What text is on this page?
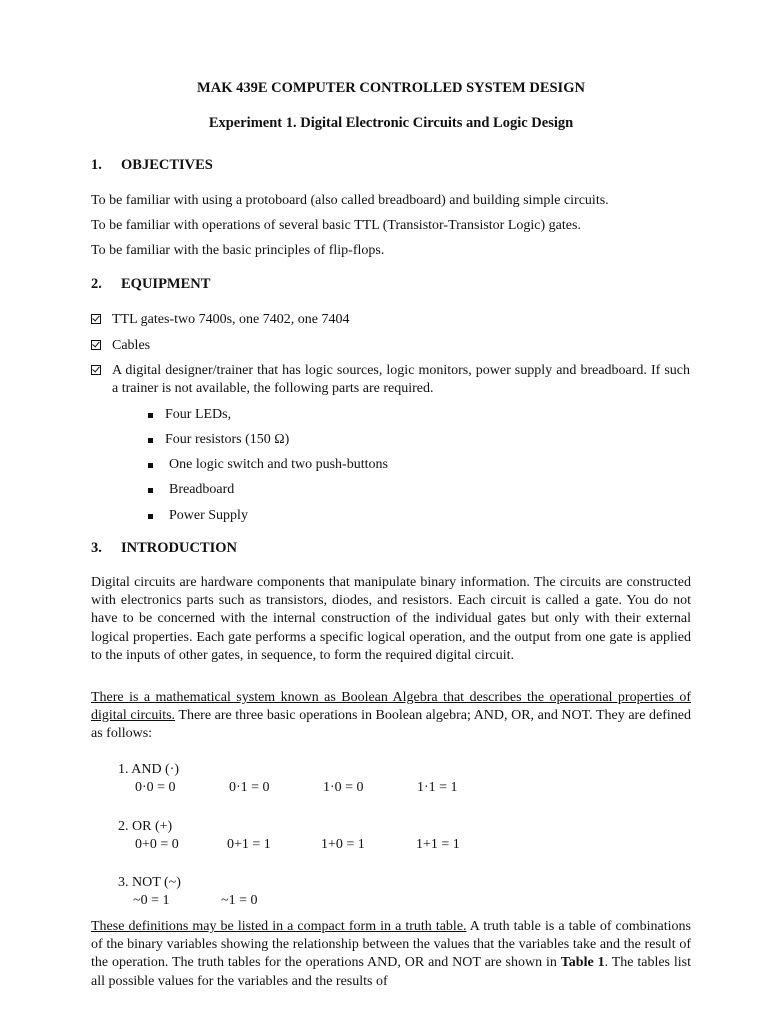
MAK 439E COMPUTER CONTROLLED SYSTEM DESIGN
Experiment 1. Digital Electronic Circuits and Logic Design
1. OBJECTIVES
To be familiar with using a protoboard (also called breadboard) and building simple circuits.
To be familiar with operations of several basic TTL (Transistor-Transistor Logic) gates.
To be familiar with the basic principles of flip-flops.
2. EQUIPMENT
TTL gates-two 7400s, one 7402, one 7404
Cables
A digital designer/trainer that has logic sources, logic monitors, power supply and breadboard. If such a trainer is not available, the following parts are required.
Four LEDs,
Four resistors (150 Ω)
One logic switch and two push-buttons
Breadboard
Power Supply
3. INTRODUCTION
Digital circuits are hardware components that manipulate binary information. The circuits are constructed with electronics parts such as transistors, diodes, and resistors. Each circuit is called a gate. You do not have to be concerned with the internal construction of the individual gates but only with their external logical properties. Each gate performs a specific logical operation, and the output from one gate is applied to the inputs of other gates, in sequence, to form the required digital circuit.
There is a mathematical system known as Boolean Algebra that describes the operational properties of digital circuits. There are three basic operations in Boolean algebra; AND, OR, and NOT. They are defined as follows:
1. AND (·)
0·0 = 0	0·1 = 0	1·0 = 0	1·1 = 1
2. OR (+)
0+0 = 0	0+1 = 1	1+0 = 1	1+1 = 1
3. NOT (~)
~0 = 1	~1 = 0
These definitions may be listed in a compact form in a truth table. A truth table is a table of combinations of the binary variables showing the relationship between the values that the variables take and the result of the operation. The truth tables for the operations AND, OR and NOT are shown in Table 1. The tables list all possible values for the variables and the results of
